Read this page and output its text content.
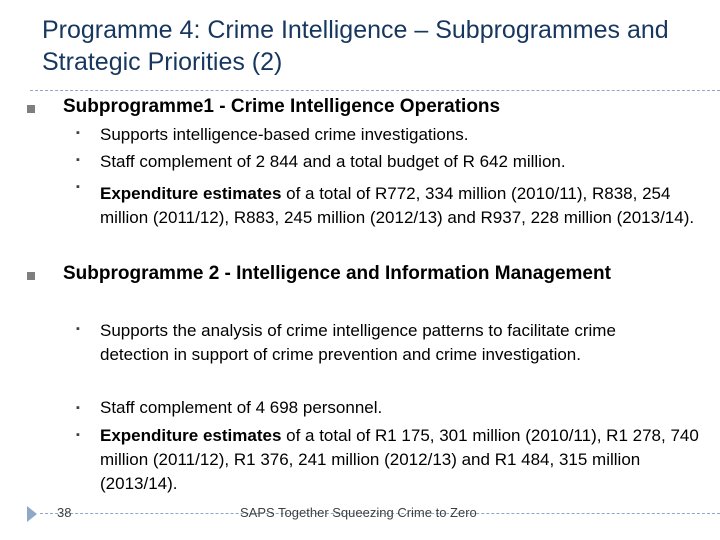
Programme 4: Crime Intelligence – Subprogrammes and Strategic Priorities (2)
Subprogramme1 - Crime Intelligence Operations
▪
Supports intelligence-based crime investigations.
▪
Staff complement of 2 844 and a total budget of R 642 million.
▪
Expenditure estimates of a total of R772, 334 million (2010/11), R838, 254 million (2011/12), R883, 245 million (2012/13) and R937, 228 million (2013/14).
Subprogramme 2 - Intelligence and Information Management
▪
Supports the analysis of crime intelligence patterns to facilitate crime detection in support of crime prevention and crime investigation.
▪
Staff complement of 4 698 personnel.
▪
Expenditure estimates of a total of R1 175, 301 million (2010/11), R1 278, 740 million (2011/12), R1 376, 241 million (2012/13) and R1 484, 315 million (2013/14).
38	SAPS Together Squeezing Crime to Zero
